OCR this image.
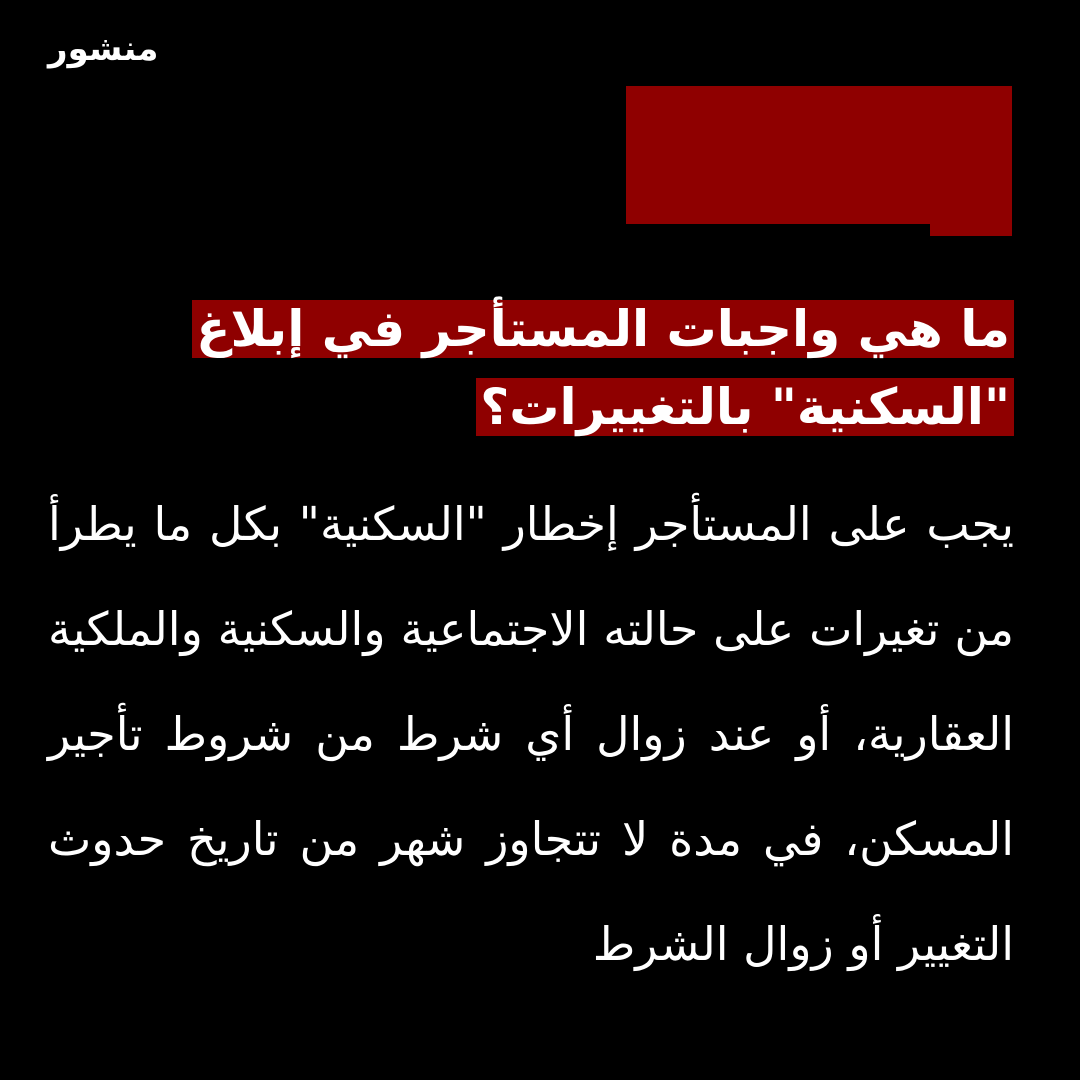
منشور
ما هي واجبات المستأجر في إبلاغ "السكنية" بالتغييرات؟
يجب على المستأجر إخطار "السكنية" بكل ما يطرأ من تغيرات على حالته الاجتماعية والسكنية والملكية العقارية، أو عند زوال أي شرط من شروط تأجير المسكن، في مدة لا تتجاوز شهر من تاريخ حدوث التغيير أو زوال الشرط
